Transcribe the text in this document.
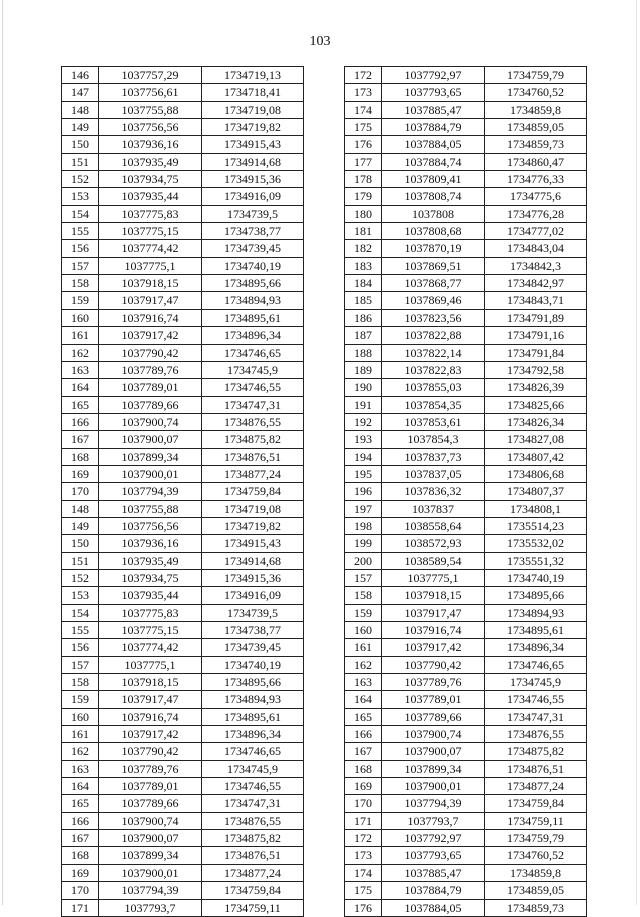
103
146	1037757,29	1734719,13
147	1037756,61	1734718,41
148	1037755,88	1734719,08
149	1037756,56	1734719,82
150	1037936,16	1734915,43
151	1037935,49	1734914,68
152	1037934,75	1734915,36
153	1037935,44	1734916,09
154	1037775,83	1734739,5
155	1037775,15	1734738,77
156	1037774,42	1734739,45
157	1037775,1	1734740,19
158	1037918,15	1734895,66
159	1037917,47	1734894,93
160	1037916,74	1734895,61
161	1037917,42	1734896,34
162	1037790,42	1734746,65
163	1037789,76	1734745,9
164	1037789,01	1734746,55
165	1037789,66	1734747,31
166	1037900,74	1734876,55
167	1037900,07	1734875,82
168	1037899,34	1734876,51
169	1037900,01	1734877,24
170	1037794,39	1734759,84
148	1037755,88	1734719,08
149	1037756,56	1734719,82
150	1037936,16	1734915,43
151	1037935,49	1734914,68
152	1037934,75	1734915,36
153	1037935,44	1734916,09
154	1037775,83	1734739,5
155	1037775,15	1734738,77
156	1037774,42	1734739,45
157	1037775,1	1734740,19
158	1037918,15	1734895,66
159	1037917,47	1734894,93
160	1037916,74	1734895,61
161	1037917,42	1734896,34
162	1037790,42	1734746,65
163	1037789,76	1734745,9
164	1037789,01	1734746,55
165	1037789,66	1734747,31
166	1037900,74	1734876,55
167	1037900,07	1734875,82
168	1037899,34	1734876,51
169	1037900,01	1734877,24
170	1037794,39	1734759,84
171	1037793,7	1734759,11
172	1037792,97	1734759,79
173	1037793,65	1734760,52
174	1037885,47	1734859,8
175	1037884,79	1734859,05
176	1037884,05	1734859,73
177	1037884,74	1734860,47
178	1037809,41	1734776,33
179	1037808,74	1734775,6
180	1037808	1734776,28
181	1037808,68	1734777,02
182	1037870,19	1734843,04
183	1037869,51	1734842,3
184	1037868,77	1734842,97
185	1037869,46	1734843,71
186	1037823,56	1734791,89
187	1037822,88	1734791,16
188	1037822,14	1734791,84
189	1037822,83	1734792,58
190	1037855,03	1734826,39
191	1037854,35	1734825,66
192	1037853,61	1734826,34
193	1037854,3	1734827,08
194	1037837,73	1734807,42
195	1037837,05	1734806,68
196	1037836,32	1734807,37
197	1037837	1734808,1
198	1038558,64	1735514,23
199	1038572,93	1735532,02
200	1038589,54	1735551,32
157	1037775,1	1734740,19
158	1037918,15	1734895,66
159	1037917,47	1734894,93
160	1037916,74	1734895,61
161	1037917,42	1734896,34
162	1037790,42	1734746,65
163	1037789,76	1734745,9
164	1037789,01	1734746,55
165	1037789,66	1734747,31
166	1037900,74	1734876,55
167	1037900,07	1734875,82
168	1037899,34	1734876,51
169	1037900,01	1734877,24
170	1037794,39	1734759,84
171	1037793,7	1734759,11
172	1037792,97	1734759,79
173	1037793,65	1734760,52
174	1037885,47	1734859,8
175	1037884,79	1734859,05
176	1037884,05	1734859,73
